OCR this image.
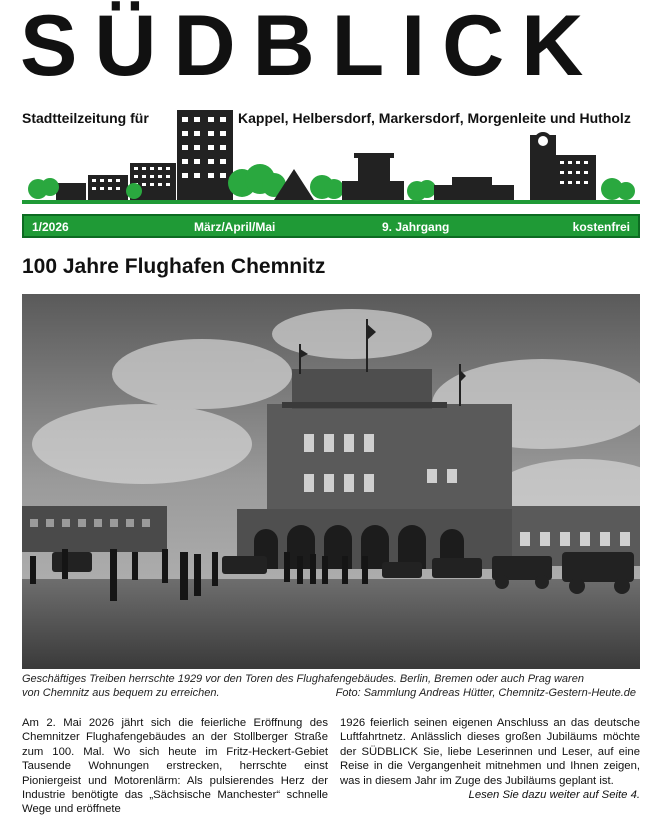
SÜDBLICK
Stadtteilzeitung für	Kappel, Helbersdorf, Markersdorf, Morgenleite und Hutholz
1/2026	März/April/Mai	9. Jahrgang	kostenfrei
100 Jahre Flughafen Chemnitz
Geschäftiges Treiben herrschte 1929 vor den Toren des Flughafengebäudes. Berlin, Bremen oder auch Prag waren
von Chemnitz aus bequem zu erreichen.	Foto: Sammlung Andreas Hütter, Chemnitz-Gestern-Heute.de
Am 2. Mai 2026 jährt sich die feierliche Eröffnung des Chemnitzer Flughafengebäudes an der Stollberger Straße zum 100. Mal. Wo sich heute im Fritz-Heckert-Gebiet Tausende Wohnungen erstrecken, herrschte einst Pioniergeist und Motorenlärm: Als pulsierendes Herz der Industrie benötigte das „Sächsische Manchester“ schnelle Wege und eröffnete
1926 feierlich seinen eigenen Anschluss an das deutsche Luftfahrtnetz. Anlässlich dieses großen Jubiläums möchte der SÜDBLICK Sie, liebe Leserinnen und Leser, auf eine Reise in die Vergangenheit mitnehmen und Ihnen zeigen, was in diesem Jahr im Zuge des Jubiläums geplant ist.
Lesen Sie dazu weiter auf Seite 4.
